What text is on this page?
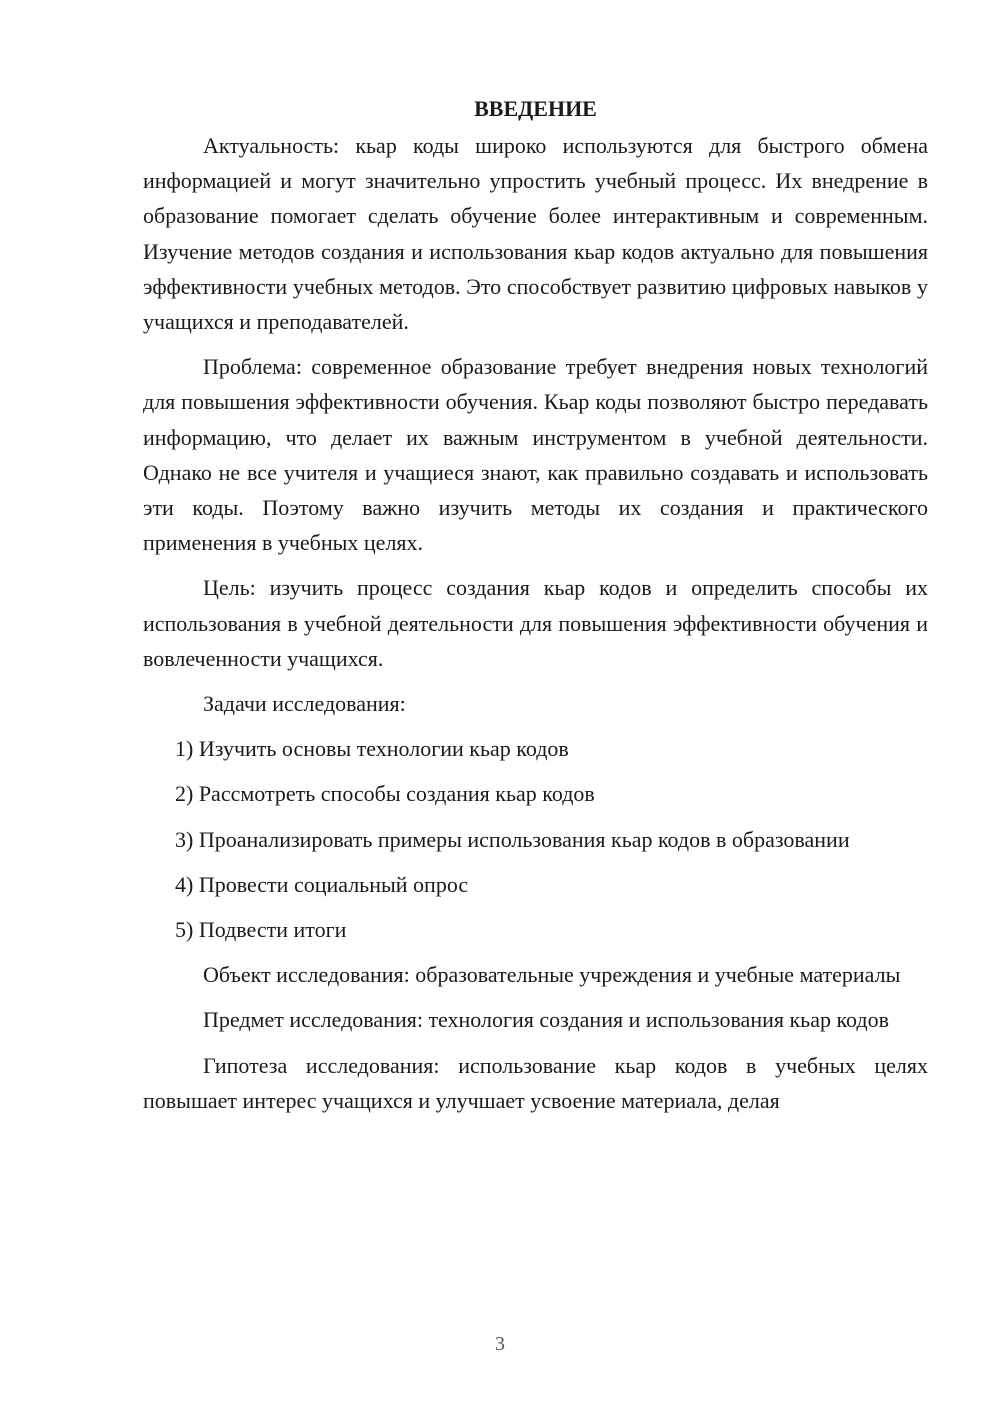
ВВЕДЕНИЕ

Актуальность: кьар коды широко используются для быстрого обмена информацией и могут значительно упростить учебный процесс. Их внедрение в образование помогает сделать обучение более интерактивным и современным. Изучение методов создания и использования кьар кодов актуально для повышения эффективности учебных методов. Это способствует развитию цифровых навыков у учащихся и преподавателей.

Проблема: современное образование требует внедрения новых технологий для повышения эффективности обучения. Кьар коды позволяют быстро передавать информацию, что делает их важным инструментом в учебной деятельности. Однако не все учителя и учащиеся знают, как правильно создавать и использовать эти коды. Поэтому важно изучить методы их создания и практического применения в учебных целях.

Цель: изучить процесс создания кьар кодов и определить способы их использования в учебной деятельности для повышения эффективности обучения и вовлеченности учащихся.

Задачи исследования:

1) Изучить основы технологии кьар кодов

2) Рассмотреть способы создания кьар кодов

3) Проанализировать примеры использования кьар кодов в образовании

4) Провести социальный опрос

5) Подвести итоги

Объект исследования: образовательные учреждения и учебные материалы

Предмет исследования: технология создания и использования кьар кодов

Гипотеза исследования: использование кьар кодов в учебных целях повышает интерес учащихся и улучшает усвоение материала, делая

3
